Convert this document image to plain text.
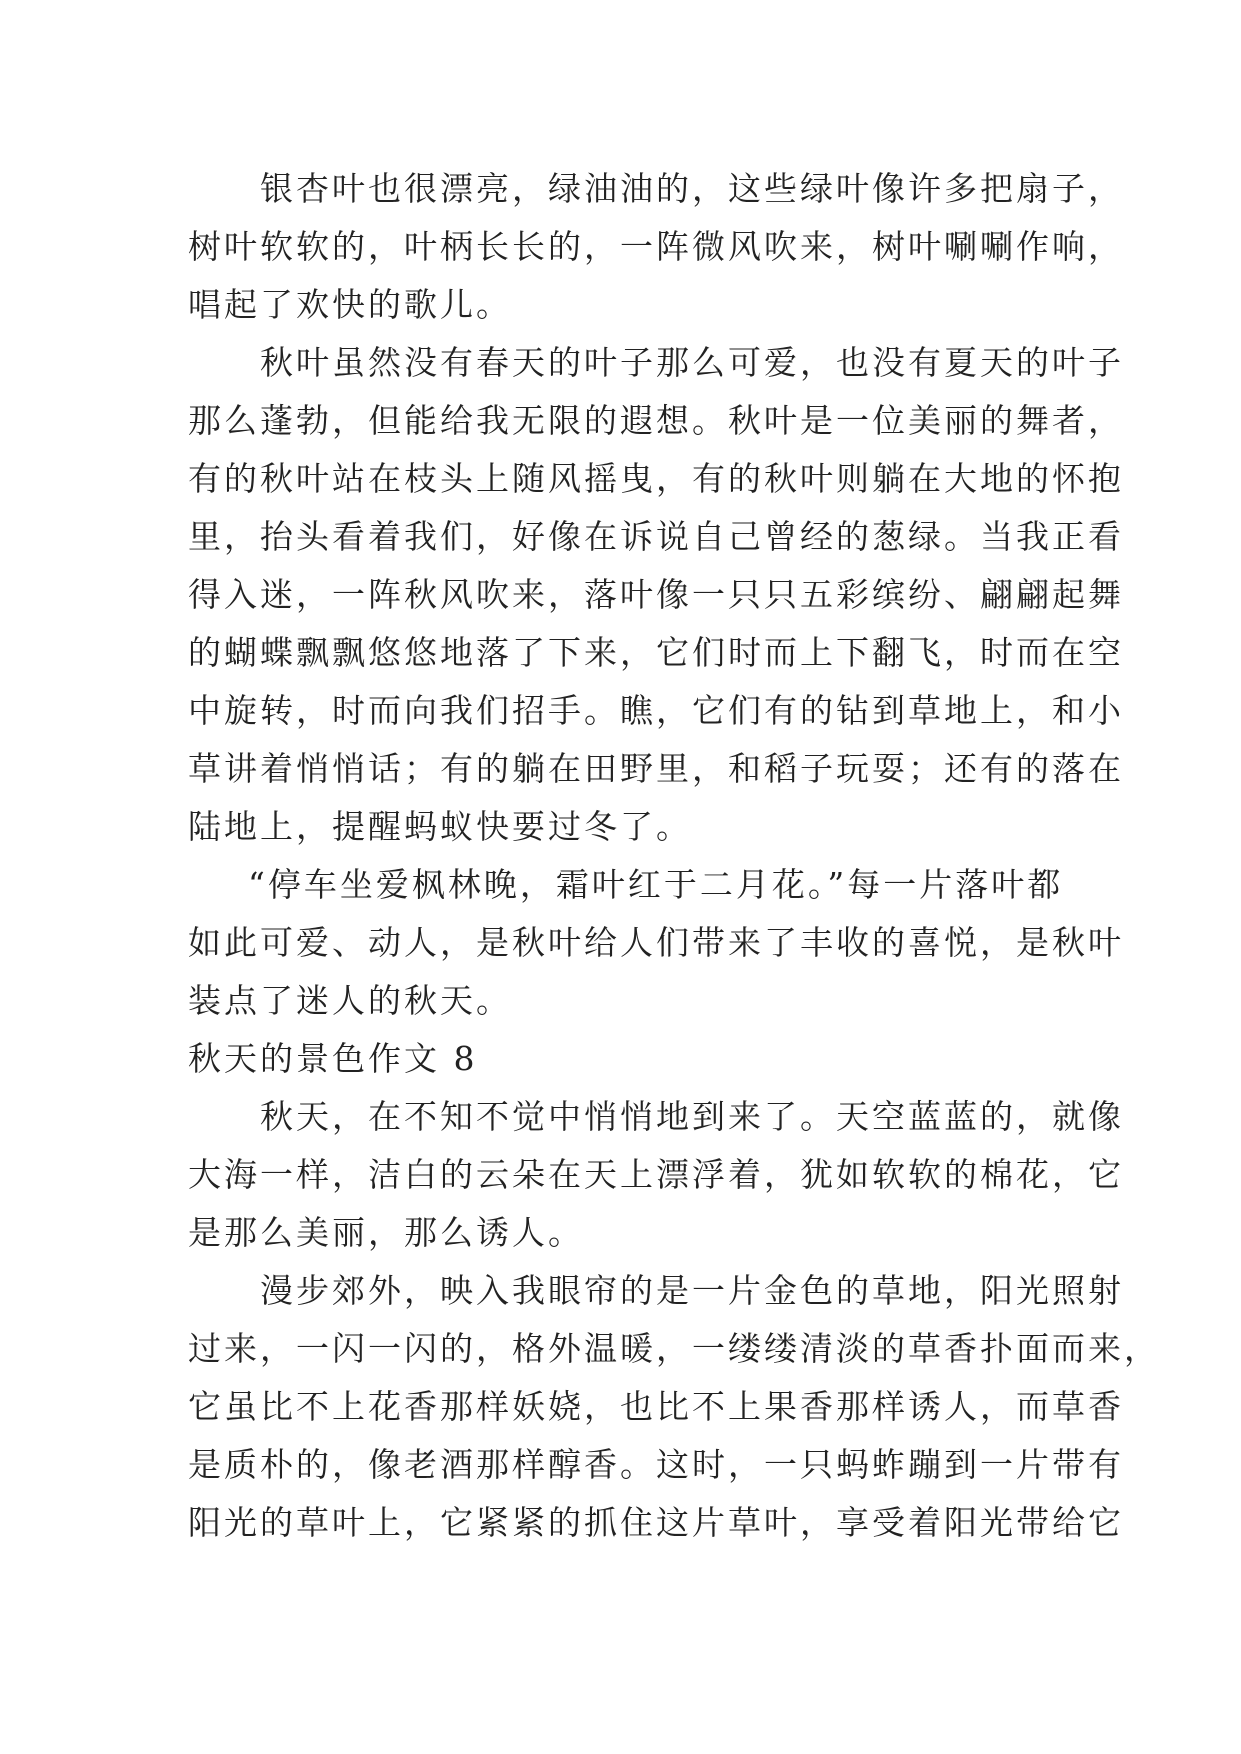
银杏叶也很漂亮，绿油油的，这些绿叶像许多把扇子，
树叶软软的，叶柄长长的，一阵微风吹来，树叶唰唰作响，
唱起了欢快的歌儿。

秋叶虽然没有春天的叶子那么可爱，也没有夏天的叶子
那么蓬勃，但能给我无限的遐想。秋叶是一位美丽的舞者，
有的秋叶站在枝头上随风摇曳，有的秋叶则躺在大地的怀抱
里，抬头看着我们，好像在诉说自己曾经的葱绿。当我正看
得入迷，一阵秋风吹来，落叶像一只只五彩缤纷、翩翩起舞
的蝴蝶飘飘悠悠地落了下来，它们时而上下翻飞，时而在空
中旋转，时而向我们招手。瞧，它们有的钻到草地上，和小
草讲着悄悄话；有的躺在田野里，和稻子玩耍；还有的落在
陆地上，提醒蚂蚁快要过冬了。

“停车坐爱枫林晚，霜叶红于二月花。”每一片落叶都
如此可爱、动人，是秋叶给人们带来了丰收的喜悦，是秋叶
装点了迷人的秋天。

秋天的景色作文 8

秋天，在不知不觉中悄悄地到来了。天空蓝蓝的，就像
大海一样，洁白的云朵在天上漂浮着，犹如软软的棉花，它
是那么美丽，那么诱人。

漫步郊外，映入我眼帘的是一片金色的草地，阳光照射
过来，一闪一闪的，格外温暖，一缕缕清淡的草香扑面而来，
它虽比不上花香那样妖娆，也比不上果香那样诱人，而草香
是质朴的，像老酒那样醇香。这时，一只蚂蚱蹦到一片带有
阳光的草叶上，它紧紧的抓住这片草叶，享受着阳光带给它
